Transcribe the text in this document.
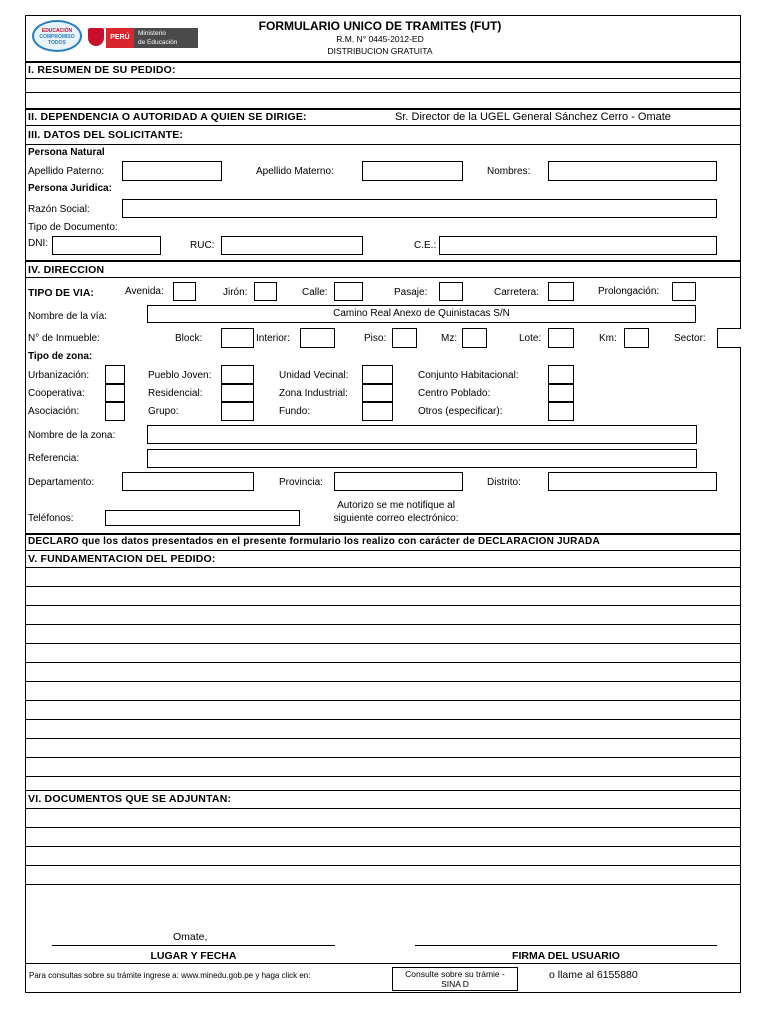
EDUCACIÓN
COMPROMISO
TODOS
PERÚ
Ministerio
de Educación
FORMULARIO UNICO DE TRAMITES (FUT)
R.M. N° 0445-2012-ED
DISTRIBUCION GRATUITA
I. RESUMEN DE SU PEDIDO:
II. DEPENDENCIA O AUTORIDAD A QUIEN SE DIRIGE:	Sr. Director de la UGEL General Sánchez Cerro - Omate
III. DATOS DEL SOLICITANTE:
Persona Natural
Apellido Paterno:	Apellido Materno:	Nombres:
Persona Juridica:
Razón Social:
Tipo de Documento:
DNI:	RUC:	C.E.:
IV. DIRECCION
TIPO DE VIA:	Avenida:	Jirón:	Calle:	Pasaje:	Carretera:	Prolongación:
Nombre de la vía:	Camino Real Anexo de Quinistacas S/N
N° de Inmueble:	Block:	Interior:	Piso:	Mz:	Lote:	Km:	Sector:
Tipo de zona:
Urbanización:	Pueblo Joven:	Unidad Vecinal:	Conjunto Habitacional:
Cooperativa:	Residencial:	Zona Industrial:	Centro Poblado:
Asociación:	Grupo:	Fundo:	Otros (especificar):
Nombre de la zona:
Referencia:
Departamento:	Provincia:	Distrito:
Teléfonos:
Autorizo se me notifique al
siguiente correo electrónico:
DECLARO que los datos presentados en el presente formulario los realizo con carácter de DECLARACION JURADA
V. FUNDAMENTACION DEL PEDIDO:
VI. DOCUMENTOS QUE SE ADJUNTAN:
Omate,
LUGAR Y FECHA	FIRMA DEL USUARIO
Para consultas sobre su trámite ingrese a: www.minedu.gob.pe y haga click en:	Consulte sobre su trámie -
SINA D
o llame al 6155880
